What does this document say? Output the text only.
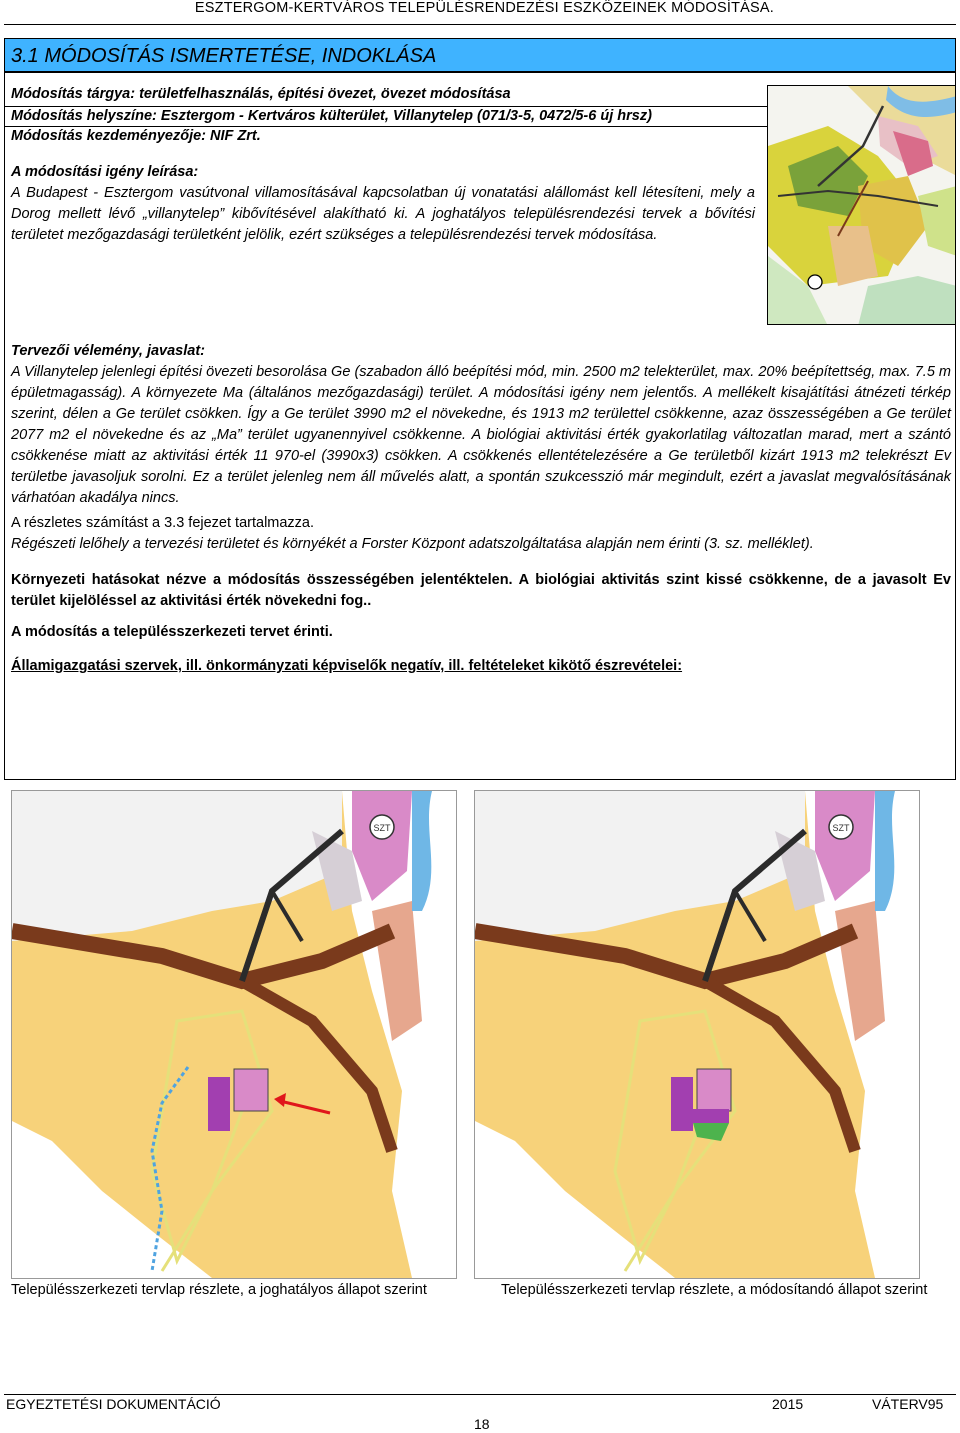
ESZTERGOM-KERTVÁROS TELEPÜLÉSRENDEZÉSI ESZKÖZEINEK MÓDOSÍTÁSA.
3.1 MÓDOSÍTÁS ISMERTETÉSE, INDOKLÁSA
Módosítás tárgya: területfelhasználás, építési övezet, övezet módosítása
Módosítás helyszíne: Esztergom - Kertváros külterület, Villanytelep (071/3-5, 0472/5-6 új hrsz)
Módosítás kezdeményezője: NIF Zrt.
A módosítási igény leírása:
A Budapest - Esztergom vasútvonal villamosításával kapcsolatban új vonatatási alállomást kell létesíteni, mely a Dorog mellett lévő „villanytelep” kibővítésével alakítható ki. A joghatályos településrendezési tervek a bővítési területet mezőgazdasági területként jelölik, ezért szükséges a településrendezési tervek módosítása.
Tervezői vélemény, javaslat:
A Villanytelep jelenlegi építési övezeti besorolása Ge (szabadon álló beépítési mód, min. 2500 m2 telekterület, max. 20% beépítettség, max. 7.5 m épületmagasság). A környezete Ma (általános mezőgazdasági) terület. A módosítási igény nem jelentős. A mellékelt kisajátítási átnézeti térkép szerint, délen a Ge terület csökken. Így a Ge terület 3990 m2 el növekedne, és 1913 m2 területtel csökkenne, azaz összességében a Ge terület 2077 m2 el növekedne és az „Ma” terület ugyanennyivel csökkenne. A biológiai aktivitási érték gyakorlatilag változatlan marad, mert a szántó csökkenése miatt az aktivitási érték 11 970-el (3990x3) csökken. A csökkenés ellentételezésére a Ge területből kizárt 1913 m2 telekrészt Ev területbe javasoljuk sorolni. Ez a terület jelenleg nem áll művelés alatt, a spontán szukcesszió már megindult, ezért a javaslat megvalósításának várhatóan akadálya nincs.
A részletes számítást a 3.3 fejezet tartalmazza.
Régészeti lelőhely a tervezési területet és környékét a Forster Központ adatszolgáltatása alapján nem érinti (3. sz. melléklet).
Környezeti hatásokat nézve a módosítás összességében jelentéktelen. A biológiai aktivitás szint kissé csökkenne, de a javasolt Ev terület kijelöléssel az aktivitási érték növekedni fog..
A módosítás a településszerkezeti tervet érinti.
Államigazgatási szervek, ill. önkormányzati képviselők negatív, ill. feltételeket kikötő észrevételei:
SZT	SZT
Településszerkezeti tervlap részlete, a joghatályos állapot szerint	Településszerkezeti tervlap részlete, a módosítandó állapot szerint
EGYEZTETÉSI DOKUMENTÁCIÓ	2015	VÁTERV95
18
